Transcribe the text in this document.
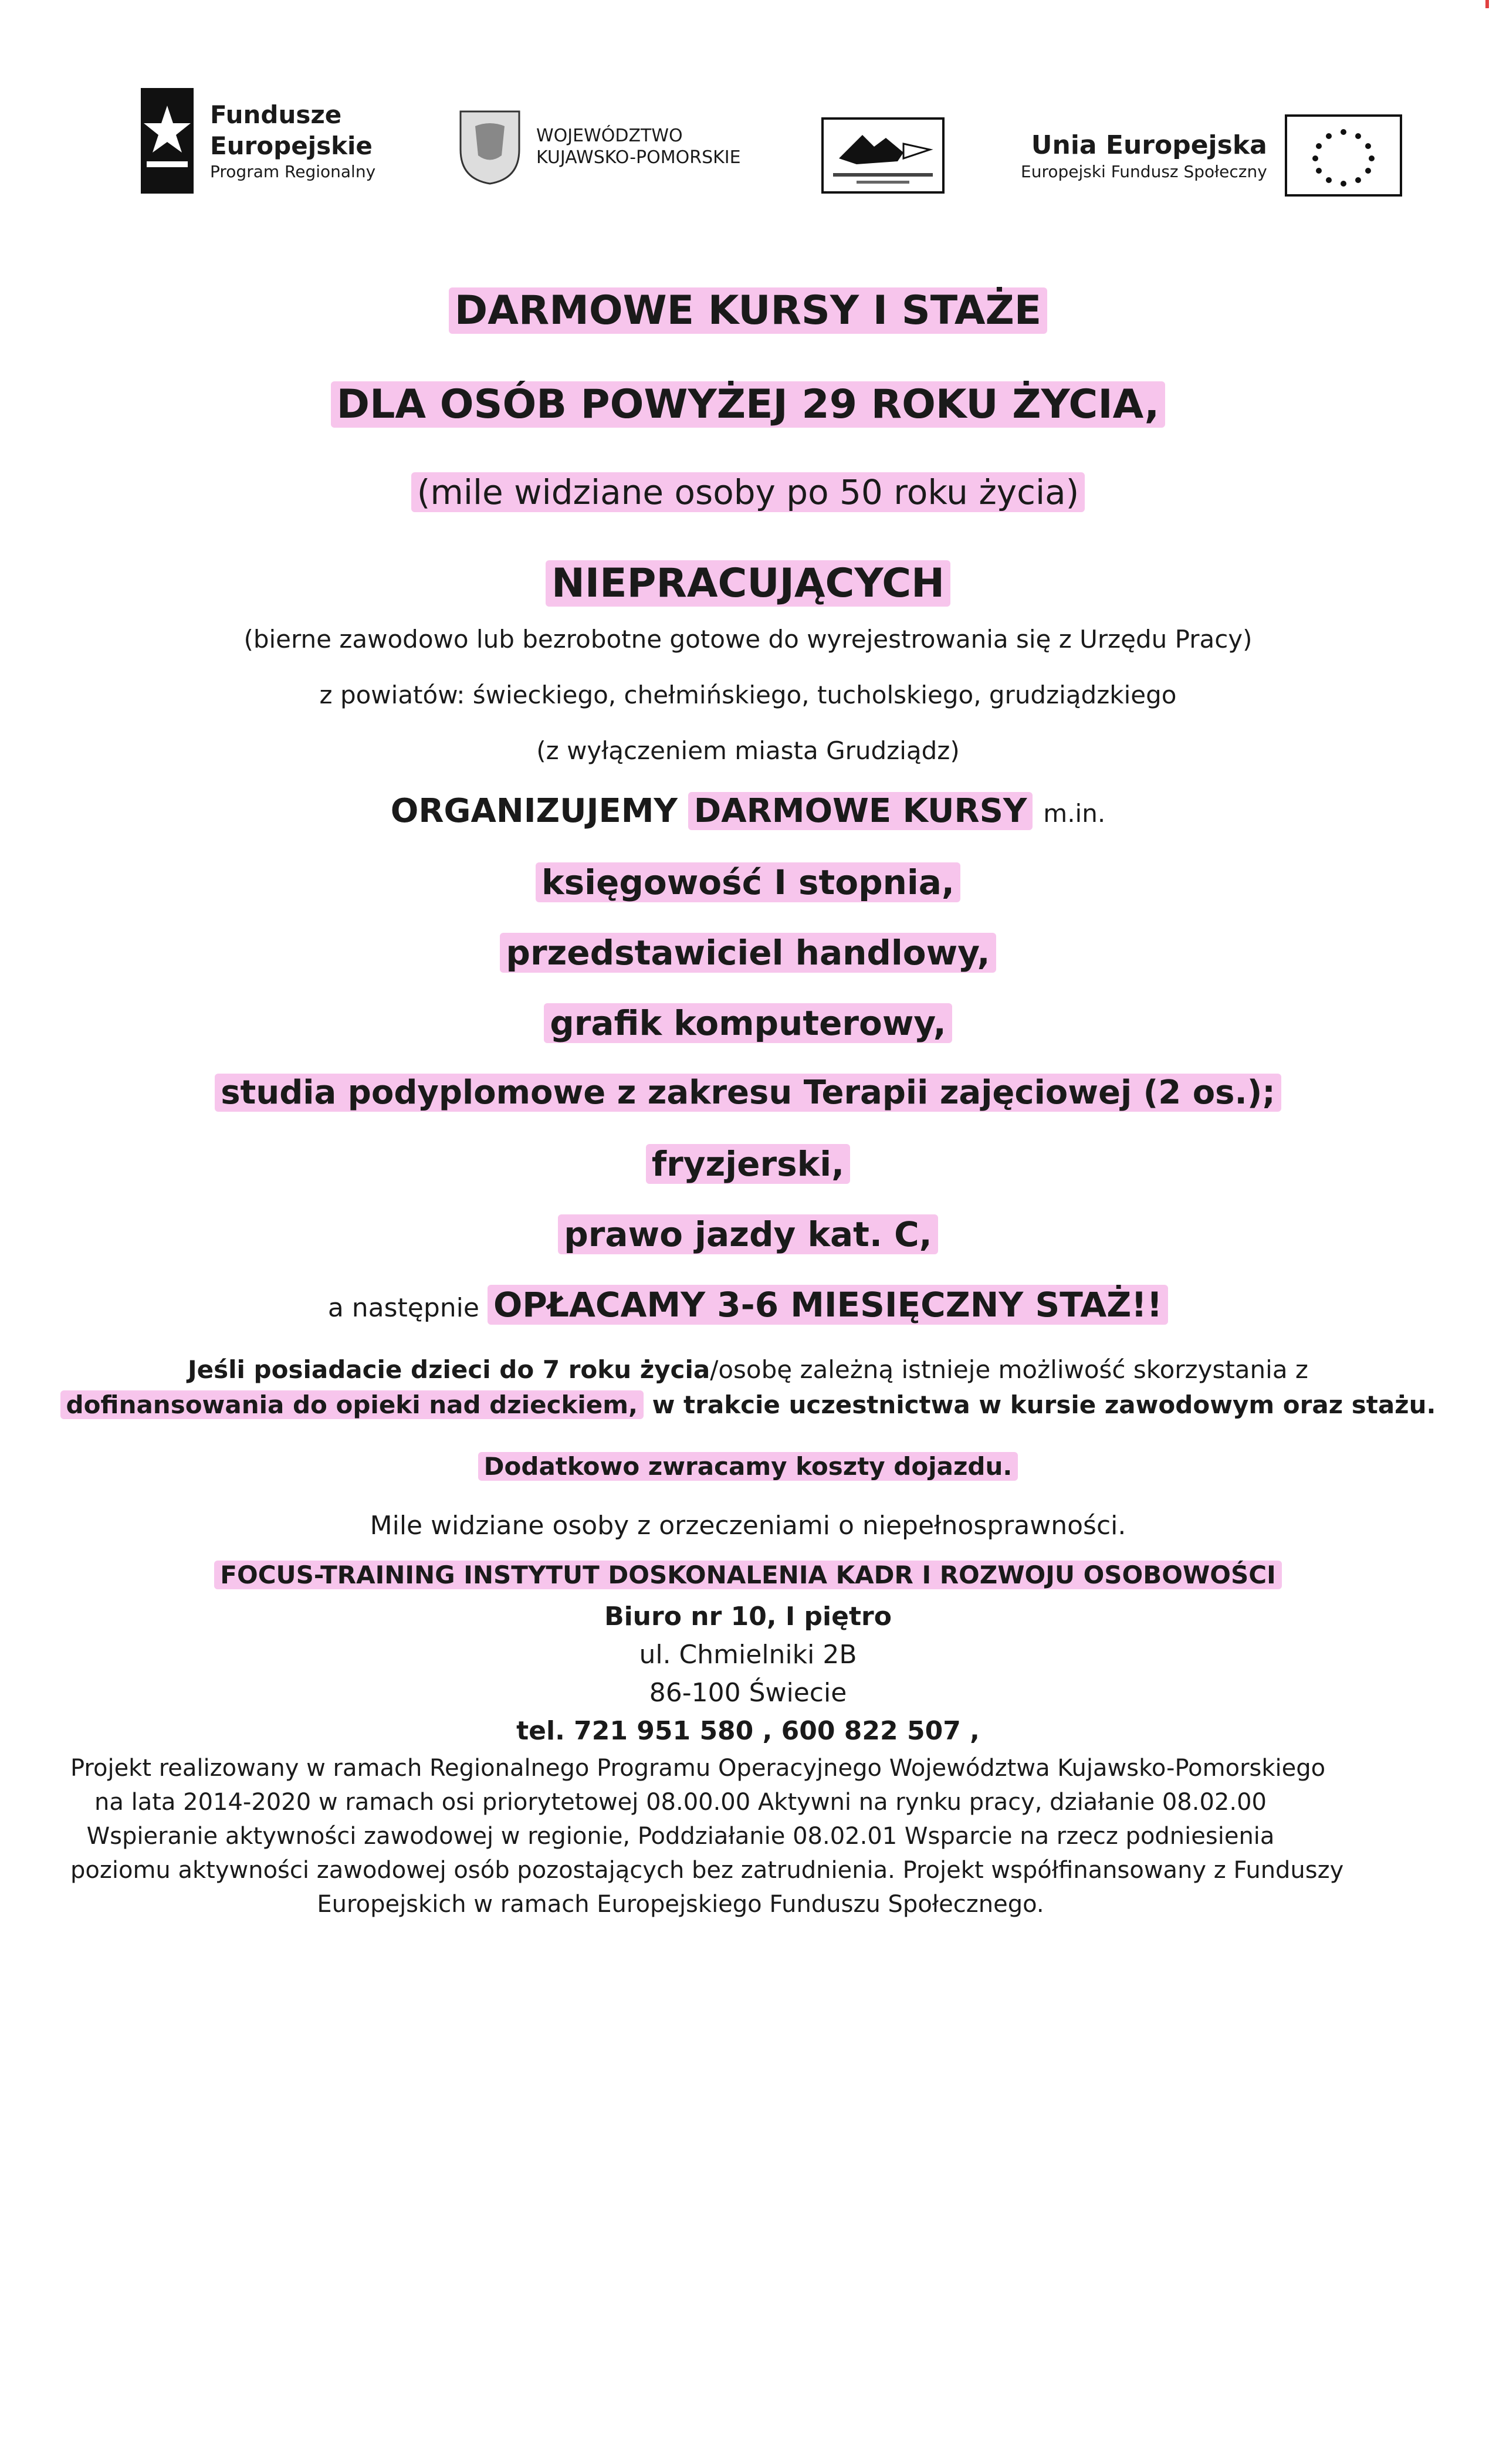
Fundusze
Europejskie
Program Regionalny
WOJEWÓDZTWO
KUJAWSKO-POMORSKIE	Unia Europejska
Europejski Fundusz Społeczny
DARMOWE KURSY I STAŻE
DLA OSÓB POWYŻEJ 29 ROKU ŻYCIA,
(mile widziane osoby po 50 roku życia)
NIEPRACUJĄCYCH
(bierne zawodowo lub bezrobotne gotowe do wyrejestrowania się z Urzędu Pracy)
z powiatów: świeckiego, chełmińskiego, tucholskiego, grudziądzkiego
(z wyłączeniem miasta Grudziądz)
ORGANIZUJEMY DARMOWE KURSY m.in.
księgowość I stopnia,
przedstawiciel handlowy,
grafik komputerowy,
studia podyplomowe z zakresu Terapii zajęciowej (2 os.);
fryzjerski,
prawo jazdy kat. C,
a następnie OPŁACAMY 3-6 MIESIĘCZNY STAŻ!!
Jeśli posiadacie dzieci do 7 roku życia/osobę zależną istnieje możliwość skorzystania z
dofinansowania do opieki nad dzieckiem, w trakcie uczestnictwa w kursie zawodowym oraz stażu.
Dodatkowo zwracamy koszty dojazdu.
Mile widziane osoby z orzeczeniami o niepełnosprawności.
FOCUS-TRAINING INSTYTUT DOSKONALENIA KADR I ROZWOJU OSOBOWOŚCI
Biuro nr 10, I piętro
ul. Chmielniki 2B
86-100 Świecie
tel. 721 951 580 , 600 822 507 ,
Projekt realizowany w ramach Regionalnego Programu Operacyjnego Województwa Kujawsko-Pomorskiego
na lata 2014-2020 w ramach osi priorytetowej 08.00.00 Aktywni na rynku pracy, działanie 08.02.00
Wspieranie aktywności zawodowej w regionie, Poddziałanie 08.02.01 Wsparcie na rzecz podniesienia
poziomu aktywności zawodowej osób pozostających bez zatrudnienia. Projekt współfinansowany z Funduszy
Europejskich w ramach Europejskiego Funduszu Społecznego.
